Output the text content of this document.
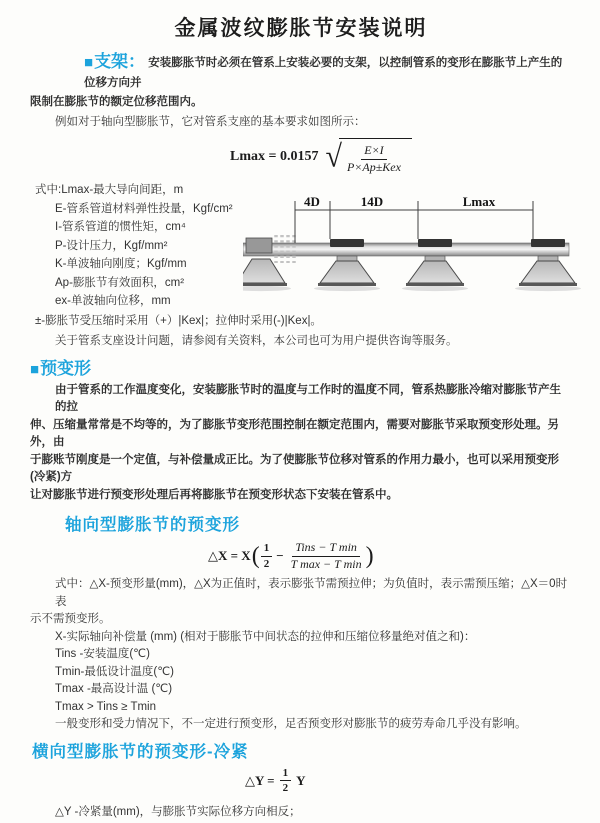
金属波纹膨胀节安装说明
■支架： 安装膨胀节时必须在管系上安装必要的支架，以控制管系的变形在膨胀节上产生的位移方向并
限制在膨胀节的额定位移范围内。
例如对于轴向型膨胀节，它对管系支座的基本要求如图所示：
Lmax = 0.0157 √ $\frac{E\times I}{\text{P×Ap±Kex}}$
式中:Lmax-最大导向间距，m
E-管系管道材料弹性投量，Kgf/cm²
I-管系管道的惯性矩，cm⁴
P-设计压力，Kgf/mm²
K-单波轴向刚度；Kgf/mm
Ap-膨胀节有效面积，cm²
ex-单波轴向位移，mm
±-膨胀节受压缩时采用（+）|Kex|；拉伸时采用(-)|Kex|。
关于管系支座设计问题，请参阅有关资料，本公司也可为用户提供咨询等服务。
■预变形
由于管系的工作温度变化，安装膨胀节时的温度与工作时的温度不同，管系热膨胀冷缩对膨胀节产生的拉
伸、压缩量常常是不均等的，为了膨胀节变形范围控制在额定范围内，需要对膨胀节采取预变形处理。另外，由
于膨账节刚度是一个定值，与补偿量成正比。为了使膨胀节位移对管系的作用力最小，也可以采用预变形(冷紧)方
让对膨胀节进行预变形处理后再将膨胀节在预变形状态下安装在管系中。
轴向型膨胀节的预变形
△X = X ( $\frac{1}{2} - \frac{\text{Tins − T min}}{\text{T max − T min}}$ )
式中：△X-预变形量(mm)，△X为正值时，表示膨张节需预拉伸；为负值时，表示需预压缩；△X＝0时表
示不需预变形。
X-实际轴向补偿量 (mm) (相对于膨胀节中间状态的拉伸和压缩位移量绝对值之和)：
Tins -安装温度(℃)
Tmin-最低设计温度(℃)
Tmax -最高设计温 (℃)
Tmax > Tins ≥ Tmin
一般变形和受力情况下，不一定进行预变形，足否预变形对膨胀节的疲劳寿命几乎没有影响。
横向型膨胀节的预变形-冷紧
△Y = $\frac{1}{2}$ Y
△Y -冷紧量(mm)，与膨胀节实际位移方向相反；
4D	14D	Lmax
